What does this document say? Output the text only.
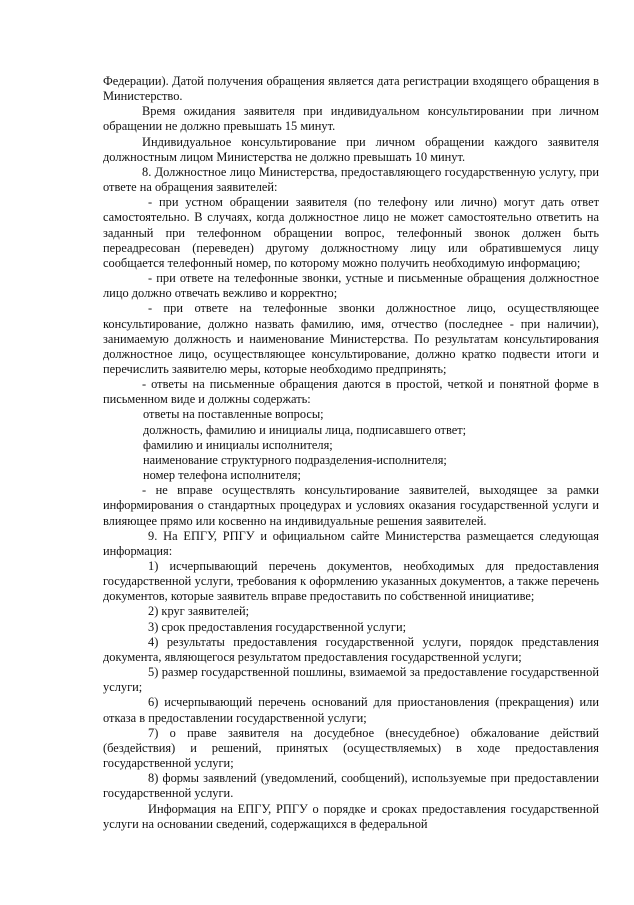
Федерации). Датой получения обращения является дата регистрации входящего обращения в Министерство.

Время ожидания заявителя при индивидуальном консультировании при личном обращении не должно превышать 15 минут.

Индивидуальное консультирование при личном обращении каждого заявителя должностным лицом Министерства не должно превышать 10 минут.

8. Должностное лицо Министерства, предоставляющего государственную услугу, при ответе на обращения заявителей:

- при устном обращении заявителя (по телефону или лично) могут дать ответ самостоятельно. В случаях, когда должностное лицо не может самостоятельно ответить на заданный при телефонном обращении вопрос, телефонный звонок должен быть переадресован (переведен) другому должностному лицу или обратившемуся лицу сообщается телефонный номер, по которому можно получить необходимую информацию;

- при ответе на телефонные звонки, устные и письменные обращения должностное лицо должно отвечать вежливо и корректно;

- при ответе на телефонные звонки должностное лицо, осуществляющее консультирование, должно назвать фамилию, имя, отчество (последнее - при наличии), занимаемую должность и наименование Министерства. По результатам консультирования должностное лицо, осуществляющее консультирование, должно кратко подвести итоги и перечислить заявителю меры, которые необходимо предпринять;

- ответы на письменные обращения даются в простой, четкой и понятной форме в письменном виде и должны содержать:

ответы на поставленные вопросы;

должность, фамилию и инициалы лица, подписавшего ответ;

фамилию и инициалы исполнителя;

наименование структурного подразделения-исполнителя;

номер телефона исполнителя;

- не вправе осуществлять консультирование заявителей, выходящее за рамки информирования о стандартных процедурах и условиях оказания государственной услуги и влияющее прямо или косвенно на индивидуальные решения заявителей.

9. На ЕПГУ, РПГУ и официальном сайте Министерства размещается следующая информация:

1) исчерпывающий перечень документов, необходимых для предоставления государственной услуги, требования к оформлению указанных документов, а также перечень документов, которые заявитель вправе предоставить по собственной инициативе;

2) круг заявителей;

3) срок предоставления государственной услуги;

4) результаты предоставления государственной услуги, порядок представления документа, являющегося результатом предоставления государственной услуги;

5) размер государственной пошлины, взимаемой за предоставление государственной услуги;

6) исчерпывающий перечень оснований для приостановления (прекращения) или отказа в предоставлении государственной услуги;

7) о праве заявителя на досудебное (внесудебное) обжалование действий (бездействия) и решений, принятых (осуществляемых) в ходе предоставления государственной услуги;

8) формы заявлений (уведомлений, сообщений), используемые при предоставлении государственной услуги.

Информация на ЕПГУ, РПГУ о порядке и сроках предоставления государственной услуги на основании сведений, содержащихся в федеральной
